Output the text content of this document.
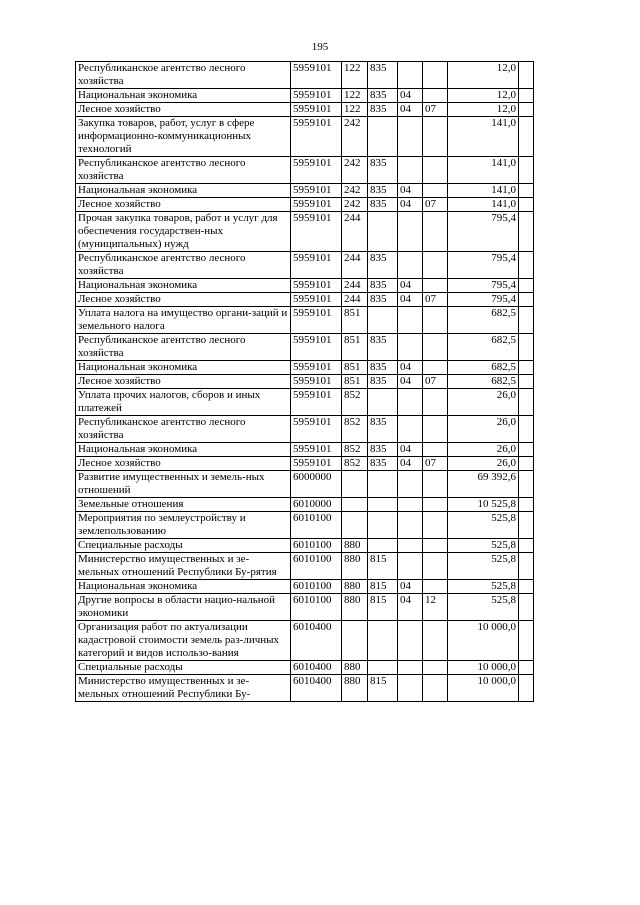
195
Республиканское агентство лесного хозяйства	5959101	122	835			12,0	
Национальная экономика	5959101	122	835	04		12,0	
Лесное хозяйство	5959101	122	835	04	07	12,0	
Закупка товаров, работ, услуг в сфере информационно-коммуникационных технологий	5959101	242				141,0	
Республиканское агентство лесного хозяйства	5959101	242	835			141,0	
Национальная экономика	5959101	242	835	04		141,0	
Лесное хозяйство	5959101	242	835	04	07	141,0	
Прочая закупка товаров, работ и услуг для обеспечения государствен-ных (муниципальных) нужд	5959101	244				795,4	
Республиканское агентство лесного хозяйства	5959101	244	835			795,4	
Национальная экономика	5959101	244	835	04		795,4	
Лесное хозяйство	5959101	244	835	04	07	795,4	
Уплата налога на имущество органи-заций и земельного налога	5959101	851				682,5	
Республиканское агентство лесного хозяйства	5959101	851	835			682,5	
Национальная экономика	5959101	851	835	04		682,5	
Лесное хозяйство	5959101	851	835	04	07	682,5	
Уплата прочих налогов, сборов и иных платежей	5959101	852				26,0	
Республиканское агентство лесного хозяйства	5959101	852	835			26,0	
Национальная экономика	5959101	852	835	04		26,0	
Лесное хозяйство	5959101	852	835	04	07	26,0	
Развитие имущественных и земель-ных отношений	6000000					69 392,6	
Земельные отношения	6010000					10 525,8	
Мероприятия по землеустройству и землепользованию	6010100					525,8	
Специальные расходы	6010100	880				525,8	
Министерство имущественных и зе-мельных отношений Республики Бу-рятия	6010100	880	815			525,8	
Национальная экономика	6010100	880	815	04		525,8	
Другие вопросы в области нацио-нальной экономики	6010100	880	815	04	12	525,8	
Организация работ по актуализации кадастровой стоимости земель раз-личных категорий и видов использо-вания	6010400					10 000,0	
Специальные расходы	6010400	880				10 000,0	
Министерство имущественных и зе-мельных отношений Республики Бу-	6010400	880	815			10 000,0	
